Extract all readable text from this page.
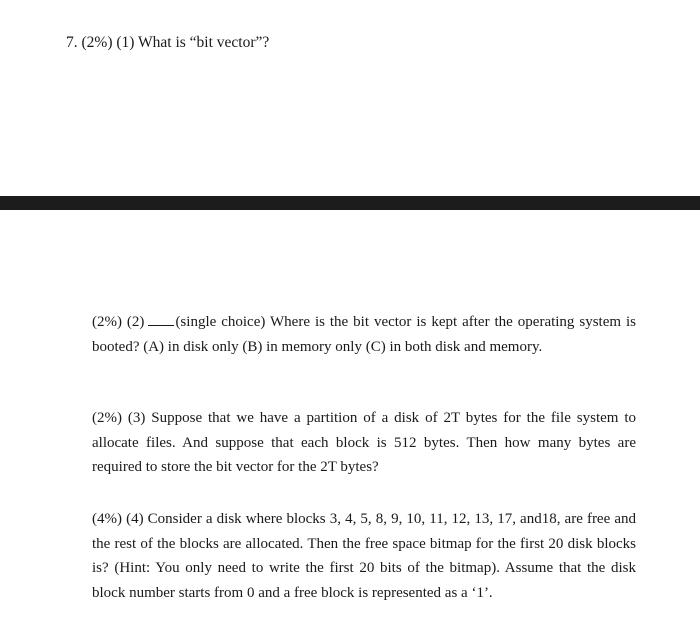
7. (2%) (1) What is “bit vector”?

(2%) (2) (single choice) Where is the bit vector is kept after the operating system is booted? (A) in disk only (B) in memory only (C) in both disk and memory.

(2%) (3) Suppose that we have a partition of a disk of 2T bytes for the file system to allocate files. And suppose that each block is 512 bytes. Then how many bytes are required to store the bit vector for the 2T bytes?

(4%) (4) Consider a disk where blocks 3, 4, 5, 8, 9, 10, 11, 12, 13, 17, and18, are free and the rest of the blocks are allocated. Then the free space bitmap for the first 20 disk blocks is? (Hint: You only need to write the first 20 bits of the bitmap). Assume that the disk block number starts from 0 and a free block is represented as a ‘1’.
